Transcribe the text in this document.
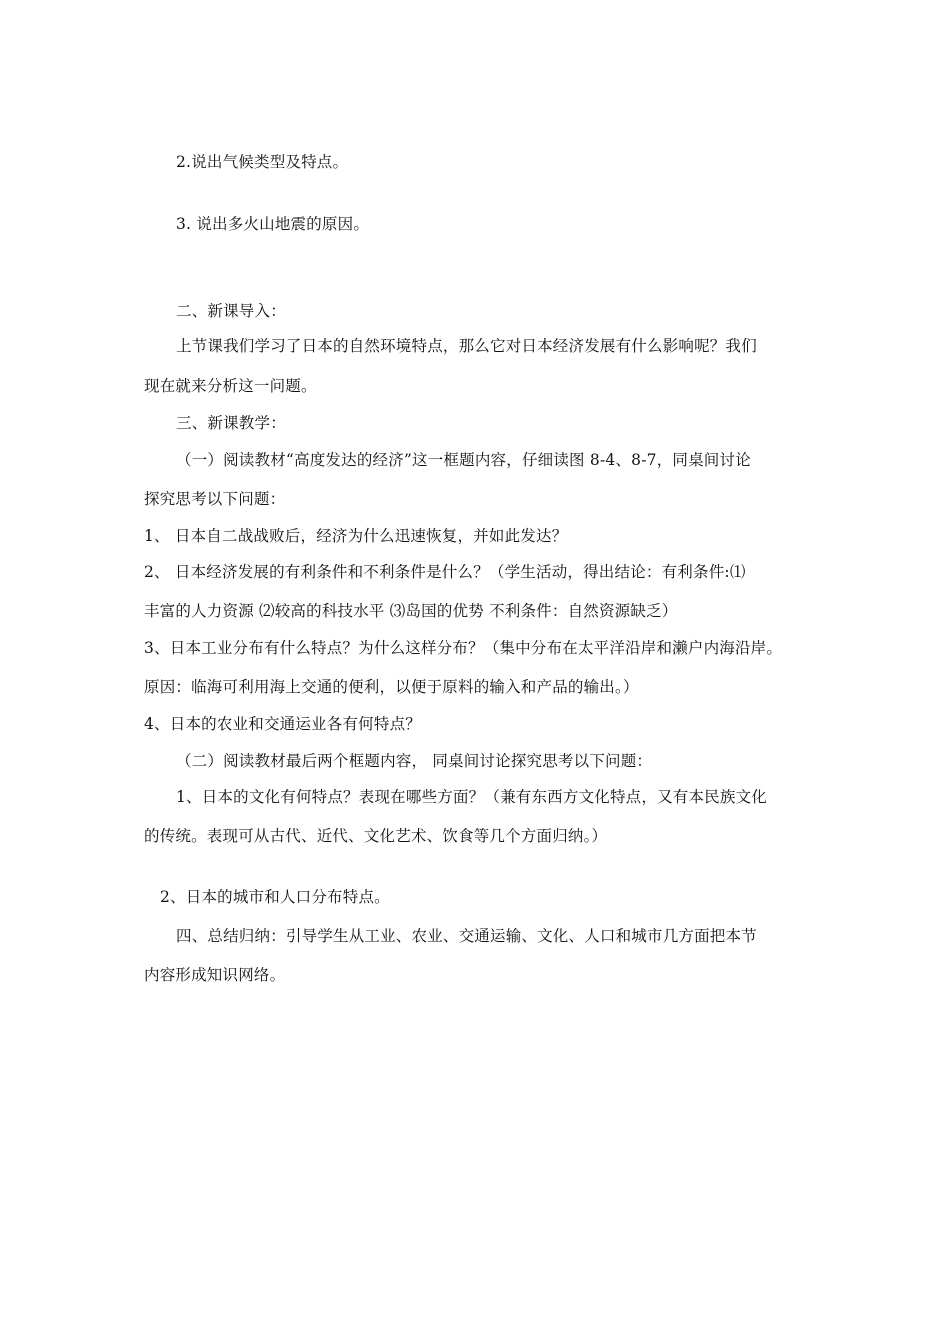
2.说出气候类型及特点。
3. 说出多火山地震的原因。
二、新课导入：
上节课我们学习了日本的自然环境特点，那么它对日本经济发展有什么影响呢？我们
现在就来分析这一问题。
三、新课教学：
（一）阅读教材“高度发达的经济”这一框题内容，仔细读图 8-4、8-7，同桌间讨论
探究思考以下问题：
1、 日本自二战战败后，经济为什么迅速恢复，并如此发达？
2、 日本经济发展的有利条件和不利条件是什么？（学生活动，得出结论：有利条件:⑴
丰富的人力资源 ⑵较高的科技水平 ⑶岛国的优势 不利条件：自然资源缺乏）
3、日本工业分布有什么特点？为什么这样分布？（集中分布在太平洋沿岸和濑户内海沿岸。
原因：临海可利用海上交通的便利，以便于原料的输入和产品的输出。）
4、日本的农业和交通运业各有何特点？
（二）阅读教材最后两个框题内容， 同桌间讨论探究思考以下问题：
1、日本的文化有何特点？表现在哪些方面？（兼有东西方文化特点，又有本民族文化
的传统。表现可从古代、近代、文化艺术、饮食等几个方面归纳。）
2、日本的城市和人口分布特点。
四、总结归纳：引导学生从工业、农业、交通运输、文化、人口和城市几方面把本节
内容形成知识网络。
